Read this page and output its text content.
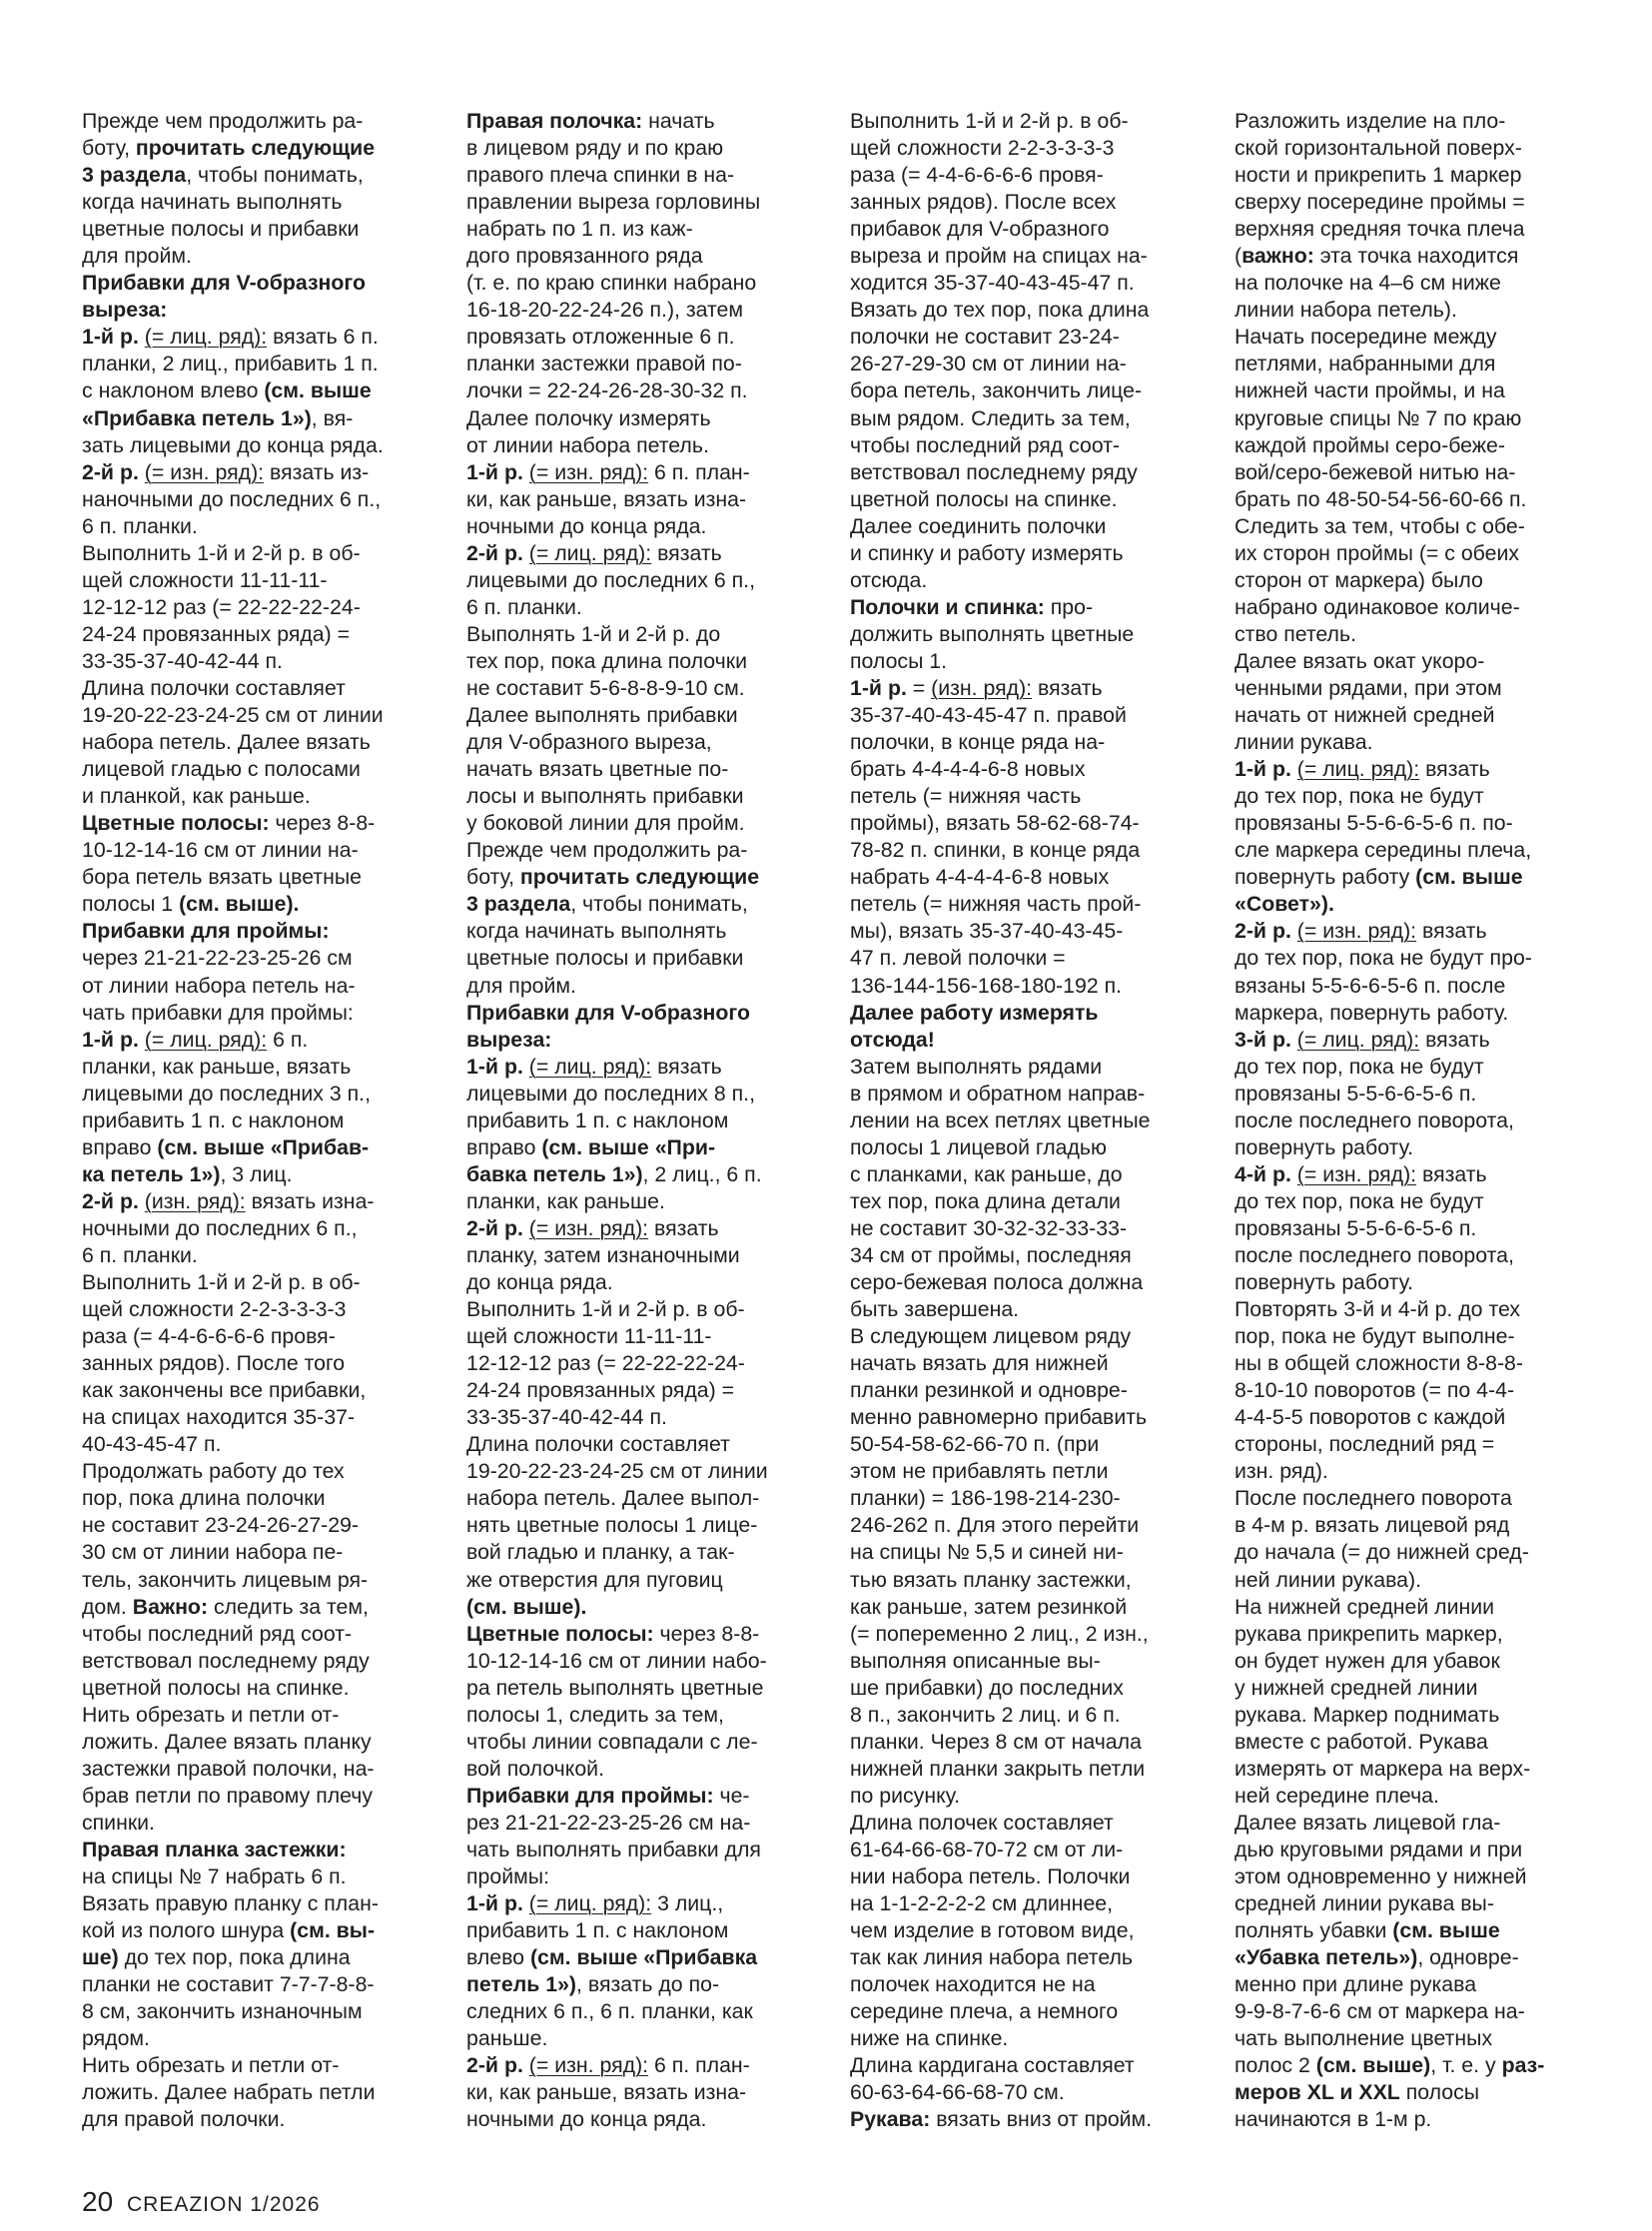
Прежде чем продолжить ра-

боту, прочитать следующие

3 раздела, чтобы понимать,

когда начинать выполнять

цветные полосы и прибавки

для пройм.

Прибавки для V-образного

выреза:

1-й р. (= лиц. ряд): вязать 6 п.

планки, 2 лиц., прибавить 1 п.

с наклоном влево (см. выше

«Прибавка петель 1»), вя-

зать лицевыми до конца ряда.

2-й р. (= изн. ряд): вязать из-

наночными до последних 6 п.,

6 п. планки.

Выполнить 1-й и 2-й р. в об-

щей сложности 11-11-11-

12-12-12 раз (= 22-22-22-24-

24-24 провязанных ряда) =

33-35-37-40-42-44 п.

Длина полочки составляет

19-20-22-23-24-25 см от линии

набора петель. Далее вязать

лицевой гладью с полосами

и планкой, как раньше.

Цветные полосы: через 8-8-

10-12-14-16 см от линии на-

бора петель вязать цветные

полосы 1 (см. выше).

Прибавки для проймы:

через 21-21-22-23-25-26 см

от линии набора петель на-

чать прибавки для проймы:

1-й р. (= лиц. ряд): 6 п.

планки, как раньше, вязать

лицевыми до последних 3 п.,

прибавить 1 п. с наклоном

вправо (см. выше «Прибав-

ка петель 1»), 3 лиц.

2-й р. (изн. ряд): вязать изна-

ночными до последних 6 п.,

6 п. планки.

Выполнить 1-й и 2-й р. в об-

щей сложности 2-2-3-3-3-3

раза (= 4-4-6-6-6-6 провя-

занных рядов). После того

как закончены все прибавки,

на спицах находится 35-37-

40-43-45-47 п.

Продолжать работу до тех

пор, пока длина полочки

не составит 23-24-26-27-29-

30 см от линии набора пе-

тель, закончить лицевым ря-

дом. Важно: следить за тем,

чтобы последний ряд соот-

ветствовал последнему ряду

цветной полосы на спинке.

Нить обрезать и петли от-

ложить. Далее вязать планку

застежки правой полочки, на-

брав петли по правому плечу

спинки.

Правая планка застежки:

на спицы № 7 набрать 6 п.

Вязать правую планку с план-

кой из полого шнура (см. вы-

ше) до тех пор, пока длина

планки не составит 7-7-7-8-8-

8 см, закончить изнаночным

рядом.

Нить обрезать и петли от-

ложить. Далее набрать петли

для правой полочки.

Правая полочка: начать

в лицевом ряду и по краю

правого плеча спинки в на-

правлении выреза горловины

набрать по 1 п. из каж-

дого провязанного ряда

(т. е. по краю спинки набрано

16-18-20-22-24-26 п.), затем

провязать отложенные 6 п.

планки застежки правой по-

лочки = 22-24-26-28-30-32 п.

Далее полочку измерять

от линии набора петель.

1-й р. (= изн. ряд): 6 п. план-

ки, как раньше, вязать изна-

ночными до конца ряда.

2-й р. (= лиц. ряд): вязать

лицевыми до последних 6 п.,

6 п. планки.

Выполнять 1-й и 2-й р. до

тех пор, пока длина полочки

не составит 5-6-8-8-9-10 см.

Далее выполнять прибавки

для V-образного выреза,

начать вязать цветные по-

лосы и выполнять прибавки

у боковой линии для пройм.

Прежде чем продолжить ра-

боту, прочитать следующие

3 раздела, чтобы понимать,

когда начинать выполнять

цветные полосы и прибавки

для пройм.

Прибавки для V-образного

выреза:

1-й р. (= лиц. ряд): вязать

лицевыми до последних 8 п.,

прибавить 1 п. с наклоном

вправо (см. выше «При-

бавка петель 1»), 2 лиц., 6 п.

планки, как раньше.

2-й р. (= изн. ряд): вязать

планку, затем изнаночными

до конца ряда.

Выполнить 1-й и 2-й р. в об-

щей сложности 11-11-11-

12-12-12 раз (= 22-22-22-24-

24-24 провязанных ряда) =

33-35-37-40-42-44 п.

Длина полочки составляет

19-20-22-23-24-25 см от линии

набора петель. Далее выпол-

нять цветные полосы 1 лице-

вой гладью и планку, а так-

же отверстия для пуговиц

(см. выше).

Цветные полосы: через 8-8-

10-12-14-16 см от линии набо-

ра петель выполнять цветные

полосы 1, следить за тем,

чтобы линии совпадали с ле-

вой полочкой.

Прибавки для проймы: че-

рез 21-21-22-23-25-26 см на-

чать выполнять прибавки для

проймы:

1-й р. (= лиц. ряд): 3 лиц.,

прибавить 1 п. с наклоном

влево (см. выше «Прибавка

петель 1»), вязать до по-

следних 6 п., 6 п. планки, как

раньше.

2-й р. (= изн. ряд): 6 п. план-

ки, как раньше, вязать изна-

ночными до конца ряда.

Выполнить 1-й и 2-й р. в об-

щей сложности 2-2-3-3-3-3

раза (= 4-4-6-6-6-6 провя-

занных рядов). После всех

прибавок для V-образного

выреза и пройм на спицах на-

ходится 35-37-40-43-45-47 п.

Вязать до тех пор, пока длина

полочки не составит 23-24-

26-27-29-30 см от линии на-

бора петель, закончить лице-

вым рядом. Следить за тем,

чтобы последний ряд соот-

ветствовал последнему ряду

цветной полосы на спинке.

Далее соединить полочки

и спинку и работу измерять

отсюда.

Полочки и спинка: про-

должить выполнять цветные

полосы 1.

1-й р. = (изн. ряд): вязать

35-37-40-43-45-47 п. правой

полочки, в конце ряда на-

брать 4-4-4-4-6-8 новых

петель (= нижняя часть

проймы), вязать 58-62-68-74-

78-82 п. спинки, в конце ряда

набрать 4-4-4-4-6-8 новых

петель (= нижняя часть прой-

мы), вязать 35-37-40-43-45-

47 п. левой полочки =

136-144-156-168-180-192 п.

Далее работу измерять

отсюда!

Затем выполнять рядами

в прямом и обратном направ-

лении на всех петлях цветные

полосы 1 лицевой гладью

с планками, как раньше, до

тех пор, пока длина детали

не составит 30-32-32-33-33-

34 см от проймы, последняя

серо-бежевая полоса должна

быть завершена.

В следующем лицевом ряду

начать вязать для нижней

планки резинкой и одновре-

менно равномерно прибавить

50-54-58-62-66-70 п. (при

этом не прибавлять петли

планки) = 186-198-214-230-

246-262 п. Для этого перейти

на спицы № 5,5 и синей ни-

тью вязать планку застежки,

как раньше, затем резинкой

(= попеременно 2 лиц., 2 изн.,

выполняя описанные вы-

ше прибавки) до последних

8 п., закончить 2 лиц. и 6 п.

планки. Через 8 см от начала

нижней планки закрыть петли

по рисунку.

Длина полочек составляет

61-64-66-68-70-72 см от ли-

нии набора петель. Полочки

на 1-1-2-2-2-2 см длиннее,

чем изделие в готовом виде,

так как линия набора петель

полочек находится не на

середине плеча, а немного

ниже на спинке.

Длина кардигана составляет

60-63-64-66-68-70 см.

Рукава: вязать вниз от пройм.

Разложить изделие на пло-

ской горизонтальной поверх-

ности и прикрепить 1 маркер

сверху посередине проймы =

верхняя средняя точка плеча

(важно: эта точка находится

на полочке на 4–6 см ниже

линии набора петель).

Начать посередине между

петлями, набранными для

нижней части проймы, и на

круговые спицы № 7 по краю

каждой проймы серо-беже-

вой/серо-бежевой нитью на-

брать по 48-50-54-56-60-66 п.

Следить за тем, чтобы с обе-

их сторон проймы (= с обеих

сторон от маркера) было

набрано одинаковое количе-

ство петель.

Далее вязать окат укоро-

ченными рядами, при этом

начать от нижней средней

линии рукава.

1-й р. (= лиц. ряд): вязать

до тех пор, пока не будут

провязаны 5-5-6-6-5-6 п. по-

сле маркера середины плеча,

повернуть работу (см. выше

«Совет»).

2-й р. (= изн. ряд): вязать

до тех пор, пока не будут про-

вязаны 5-5-6-6-5-6 п. после

маркера, повернуть работу.

3-й р. (= лиц. ряд): вязать

до тех пор, пока не будут

провязаны 5-5-6-6-5-6 п.

после последнего поворота,

повернуть работу.

4-й р. (= изн. ряд): вязать

до тех пор, пока не будут

провязаны 5-5-6-6-5-6 п.

после последнего поворота,

повернуть работу.

Повторять 3-й и 4-й р. до тех

пор, пока не будут выполне-

ны в общей сложности 8-8-8-

8-10-10 поворотов (= по 4-4-

4-4-5-5 поворотов с каждой

стороны, последний ряд =

изн. ряд).

После последнего поворота

в 4-м р. вязать лицевой ряд

до начала (= до нижней сред-

ней линии рукава).

На нижней средней линии

рукава прикрепить маркер,

он будет нужен для убавок

у нижней средней линии

рукава. Маркер поднимать

вместе с работой. Рукава

измерять от маркера на верх-

ней середине плеча.

Далее вязать лицевой гла-

дью круговыми рядами и при

этом одновременно у нижней

средней линии рукава вы-

полнять убавки (см. выше

«Убавка петель»), одновре-

менно при длине рукава

9-9-8-7-6-6 см от маркера на-

чать выполнение цветных

полос 2 (см. выше), т. е. у раз-

меров XL и XXL полосы

начинаются в 1-м р.

20 CREAZION 1/2026
